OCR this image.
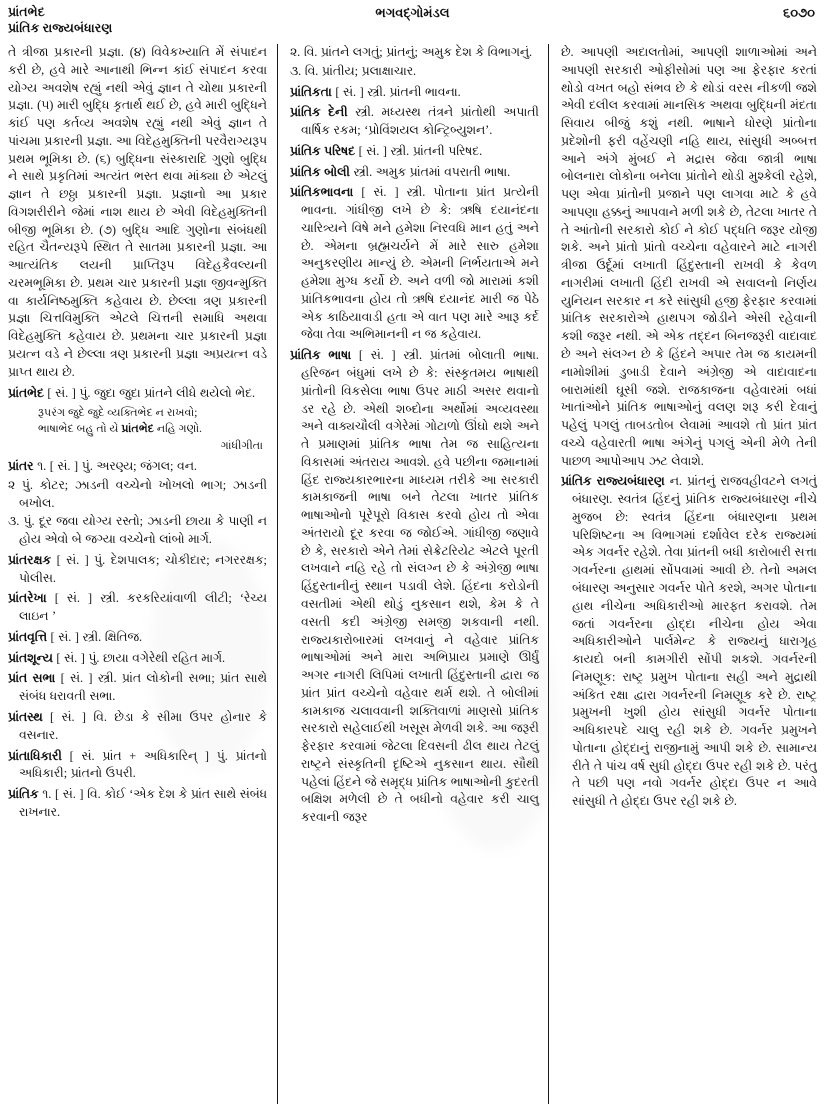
પ્રાંતભેદ
પ્રાંતિક રાજ્યબંધારણ
ભગવદ્ગોમંડલ	૬૦૭૦

તે ત્રીજા પ્રકારની પ્રજ્ઞા. (૪) વિવેકખ્યાતિ મેં સંપાદન કરી છે, હવે મારે આનાથી ભિન્ન કાંઈ સંપાદન કરવા યોગ્ય અવશેષ રહ્યું નથી એવું જ્ઞાન તે ચોથા પ્રકારની પ્રજ્ઞા. (૫) મારી બુદ્ધિ કૃતાર્થ થઈ છે, હવે મારી બુદ્ધિને કાંઈ પણ કર્તવ્ય અવશેષ રહ્યું નથી એવું જ્ઞાન તે પાંચમા પ્રકારની પ્રજ્ઞા. આ વિદેહમુક્તિની પરવૈરાગ્યરૂપ પ્રથમ ભૂમિકા છે. (૬) બુદ્ધિના સંસ્કારાદિ ગુણો બુદ્ધિ ને સાથે પ્રકૃતિમાં અત્યંત ભસ્ત થવા માંક્યા છે એટલું જ્ઞાન તે છઠ્ઠા પ્રકારની પ્રજ્ઞા. પ્રજ્ઞાનો આ પ્રકાર વિગશરીરીને જેમાં નાશ થાય છે એવી વિદેહમુક્તિની બીજી ભૂમિકા છે. (૭) બુદ્ધિ આદિ ગુણોના સંબંધથી રહિત ચૈતન્યરૂપે સ્થિત તે સાતમા પ્રકારની પ્રજ્ઞા. આ આત્યંતિક લયની પ્રાપ્તિરૂપ વિદેહકૈવલ્યની ચરમભૂમિકા છે. પ્રથમ ચાર પ્રકારની પ્રજ્ઞા જીવન્મુક્તિ વા કાર્યનિષ્ઠમુક્તિ કહેવાય છે. છેલ્લા ત્રણ પ્રકારની પ્રજ્ઞા ચિત્તવિમુક્તિ એટલે ચિત્તની સમાધિ અથવા વિદેહમુક્તિ કહેવાય છે. પ્રથમના ચાર પ્રકારની પ્રજ્ઞા પ્રયત્ન વડે ને છેલ્લા ત્રણ પ્રકારની પ્રજ્ઞા અપ્રયત્ન વડે પ્રાપ્ત થાય છે.

પ્રાંતભેદ [ સં. ] પું. જુદા જુદા પ્રાંતને લીધે થયેલો ભેદ.

રૂપરંગ જુદે જુદે વ્યક્તિભેદ ન રાખવો;
ભાષાભેદ બહુ તો યે પ્રાંતભેદ નહિ ગણો.
ગાંધીગીતા

પ્રાંતર ૧. [ સં. ] પું. અરણ્ય; જંગલ; વન.

૨ પું. કોટર; ઝાડની વચ્ચેનો ખોખલો ભાગ; ઝાડની બખોલ.

૩. પું. દૂર જવા યોગ્ય રસ્તો; ઝાડની છાયા કે પાણી ન હોય એવો બે જગ્યા વચ્ચેનો લાંબો માર્ગ.

પ્રાંતરક્ષક [ સં. ] પું. દેશપાલક; ચોકીદાર; નગરરક્ષક; પોલીસ.

પ્રાંતરેખા [ સં. ] સ્ત્રી. કરકરિયાંવાળી લીટી; ‘રેચ્ય લાઇન ’

પ્રાંતવૃત્તિ [ સં. ] સ્ત્રી. ક્ષિતિજ.

પ્રાંતશૂન્ય [ સં. ] પું. છાયા વગેરેથી રહિત માર્ગ.

પ્રાંત સભા [ સં. ] સ્ત્રી. પ્રાંત લોકોની સભા; પ્રાંત સાથે સંબંધ ધરાવતી સભા.

પ્રાંતસ્થ [ સં. ] વિ. છેડા કે સીમા ઉપર હોનાર કે વસનાર.

પ્રાંતાધિકારી [ સં. પ્રાંત + અધિકારિન્ ] પું. પ્રાંતનો અધિકારી; પ્રાંતનો ઉપરી.

પ્રાંતિક ૧. [ સં. ] વિ. કોઈ ‘એક દેશ કે પ્રાંત સાથે સંબંધ રાખનાર.

૨. વિ. પ્રાંતને લગતું; પ્રાંતનું; અમુક દેશ કે વિભાગનું.

૩. વિ. પ્રાંતીય; પ્રલાક્ષાચાર.

પ્રાંતિકતા [ સં. ] સ્ત્રી. પ્રાંતની ભાવના.

પ્રાંતિક દેની સ્ત્રી. મધ્યસ્થ તંત્રને પ્રાંતોથી અપાતી વાર્ષિક રકમ; ‘પ્રોવિંશયલ કોન્ટ્રિબ્યુશન’.

પ્રાંતિક પરિષદ [ સં. ] સ્ત્રી. પ્રાંતની પરિષદ.

પ્રાંતિક બોલી સ્ત્રી. અમુક પ્રાંતમાં વપરાતી ભાષા.

પ્રાંતિકભાવના [ સં. ] સ્ત્રી. પોતાના પ્રાંત પ્રત્યેની ભાવના. ગાંધીજી લખે છે કે: ઋષિ દયાનંદના ચારિત્ર્યને વિષે મને હમેશા નિરવધિ માન હતું અને છે. એમના બ્રહ્મચર્યને મેં મારે સારુ હમેશા અનુકરણીય માન્યું છે. એમની નિર્ભયતાએ મને હમેશા મુગ્ધ કર્યો છે. અને વળી જો મારામાં કશી પ્રાંતિકભાવના હોય તો ઋષિ દયાનંદ મારી જ પેઠે એક કાઠિયાવાડી હતા એ વાત પણ મારે આરૂ કર્દ જેવા તેવા અભિમાનની ન જ કહેવાય.

પ્રાંતિક ભાષા [ સં. ] સ્ત્રી. પ્રાંતમાં બોલાતી ભાષા. હરિજન બંધુમાં લખે છે કે: સંસ્કૃતમય ભાષાથી પ્રાંતોની વિકસેલા ભાષા ઉપર માઠી અસર થવાનો ડર રહે છે. એથી શબ્દોના અર્થોમાં અવ્યવસ્થા અને વાક્યચૌલી વગેરેમાં ગોટાળો ઊંઘો થશે અને તે પ્રમાણમાં પ્રાંતિક ભાષા તેમ જ સાહિત્યના વિકાસમાં અંતરાય આવશે. હવે પછીના જમાનામાં હિંદ રાજ્યકારભારના માધ્યમ તરીકે આ સરકારી કામકાજની ભાષા બને તેટલા ખાતર પ્રાંતિક ભાષાઓનો પૂરેપૂરો વિકાસ કરવો હોય તો એવા અંતરાયો દૂર કરવા જ જોઈએ. ગાંધીજી જણાવે છે કે, સરકારો એને તેમાં સેક્રેટરિયેટ એટલે પૂરતી લખવાને નહિ રહે તો સંલગ્ન છે કે અંગ્રેજી ભાષા હિંદુસ્તાનીનું સ્થાન પડાવી લેશે. હિંદના કરોડોની વસતીમાં એથી થોડું નુકસાન થશે, કેમ કે તે વસતી કદી અંગ્રેજી સમજી શકવાની નથી. રાજ્યકારોબારમાં લખવાનું ને વહેવાર પ્રાંતિક ભાષાઓમાં અને મારા અભિપ્રાય પ્રમાણે ઊર્ધું અગર નાગરી લિપિમાં લખાતી હિંદુસ્તાની દ્વારા જ પ્રાંત પ્રાંત વચ્ચેનો વહેવાર થર્મ થશે. તે બોલીમાં કામકાજ ચલાવવાની શક્તિવાળાં માણસો પ્રાંતિક સરકારો સહેલાઈથી ખસૂસ મેળવી શકે. આ જરૂરી ફેરફાર કરવામાં જેટલા દિવસની ઢીલ થાય તેટલું રાષ્ટ્રને સંસ્કૃતિની દૃષ્ટિએ નુકસાન થાય. સૌથી પહેલાં હિંદને જે સમૃદ્ધ પ્રાંતિક ભાષાઓની કુદરતી બક્ષિશ મળેલી છે તે બધીનો વહેવાર કરી ચાલુ કરવાની જરૂર

છે. આપણી અદાલતોમાં, આપણી શાળાઓમાં અને આપણી સરકારી ઓફીસોમાં પણ આ ફેરફાર કરતાં થોડો વખત બહો સંભવ છે કે થોડાં વરસ નીકળી જશે એવી દલીલ કરવામાં માનસિક અથવા બુદ્ધિની મંદતા સિવાય બીજું કશું નથી. ભાષાને ધોરણે પ્રાંતોના પ્રદેશોની ફરી વહેંચણી નહિ થાય, સાંસુધી અબ્બત્ત આને અંગે મુંબઈ ને મદ્રાસ જેવા જાત્રી ભાષા બોલનારા લોકોના બનેલા પ્રાંતોને થોડી મુશ્કેલી રહેશે, પણ એવા પ્રાંતોની પ્રજાને પણ લાગવા માટે કે હવે આપણા હક્કનું આપવાને મળી શકે છે, તેટલા ખાતર તે તે આંતોની સરકારો કોઈ ને કોઈ પદ્ધતિ જરૂર યોજી શકે. અને પ્રાંતો પ્રાંતો વચ્ચેના વહેવારને માટે નાગરી ત્રીજા ઉર્દૂમાં લખાતી હિંદુસ્તાની રાખવી કે કેવળ નાગરીમાં લખાતી હિંદી રાખવી એ સવાલનો નિર્ણય યુનિયન સરકાર ન કરે સાંસુધી હજી ફેરફાર કરવામાં પ્રાંતિક સરકારોએ હાથપગ જોડીને એસી રહેવાની કશી જરૂર નથી. એ એક તદ્દન બિનજરૂરી વાદાવાદ છે અને સંલગ્ન છે કે હિંદને અપાર તેમ જ કાયમની નામોશીમાં ડુબાડી દેવાને અંગ્રેજી એ વાદાવાદના બારામાંથી ઘૂસી જશે. રાજકાજના વહેવારમાં બધાં ખાતાંઓને પ્રાંતિક ભાષાઓનું વલણ શરૂ કરી દેવાનું પહેલું પગલું તાબડતોબ લેવામાં આવશે તો પ્રાંત પ્રાંત વચ્ચે વહેવારતી ભાષા અંગેનું પગલું એની મેળે તેની પાછળ આપોઆપ ઝટ લેવાશે.

પ્રાંતિક રાજ્યબંધારણ ન. પ્રાંતનું રાજવહીવટને લગતું બંધારણ. સ્વતંત્ર હિંદનું પ્રાંતિક રાજ્યબંધારણ નીચે મુજબ છે: સ્વતંત્ર હિંદના બંધારણના પ્રથમ પરિશિષ્ટના અ વિભાગમાં દર્શાવેલ દરેક રાજ્યમાં એક ગવર્નર રહેશે. તેવા પ્રાંતની બધી કારોબારી સત્તા ગવર્નરના હાથમાં સોંપવામાં આવી છે. તેનો અમલ બંધારણ અનુસાર ગવર્નર પોતે કરશે, અગર પોતાના હાથ નીચેના અધિકારીઓ મારફત કરાવશે. તેમ જતાં ગવર્નરના હોદ્દા નીચેના હોય એવા અધિકારીઓને પાર્લમેન્ટ કે રાજ્યનું ધારાગૃહ કાયદો બની કામગીરી સોંપી શકશે. ગવર્નરની નિમણૂક: રાષ્ટ્ર પ્રમુખ પોતાના સહી અને મુદ્રાથી અંકિત રક્ષા દ્વારા ગવર્નરની નિમણૂક કરે છે. રાષ્ટ્ર પ્રમુખની ખુશી હોય સાંસુધી ગવર્નર પોતાના અધિકારપદે ચાલુ રહી શકે છે. ગવર્નર પ્રમુખને પોતાના હોદ્દાનું રાજીનામું આપી શકે છે. સામાન્ય રીતે તે પાંચ વર્ષ સુધી હોદ્દા ઉપર રહી શકે છે. પરંતુ તે પછી પણ નવો ગવર્નર હોદ્દા ઉપર ન આવે સાંસુધી તે હોદ્દા ઉપર રહી શકે છે.
